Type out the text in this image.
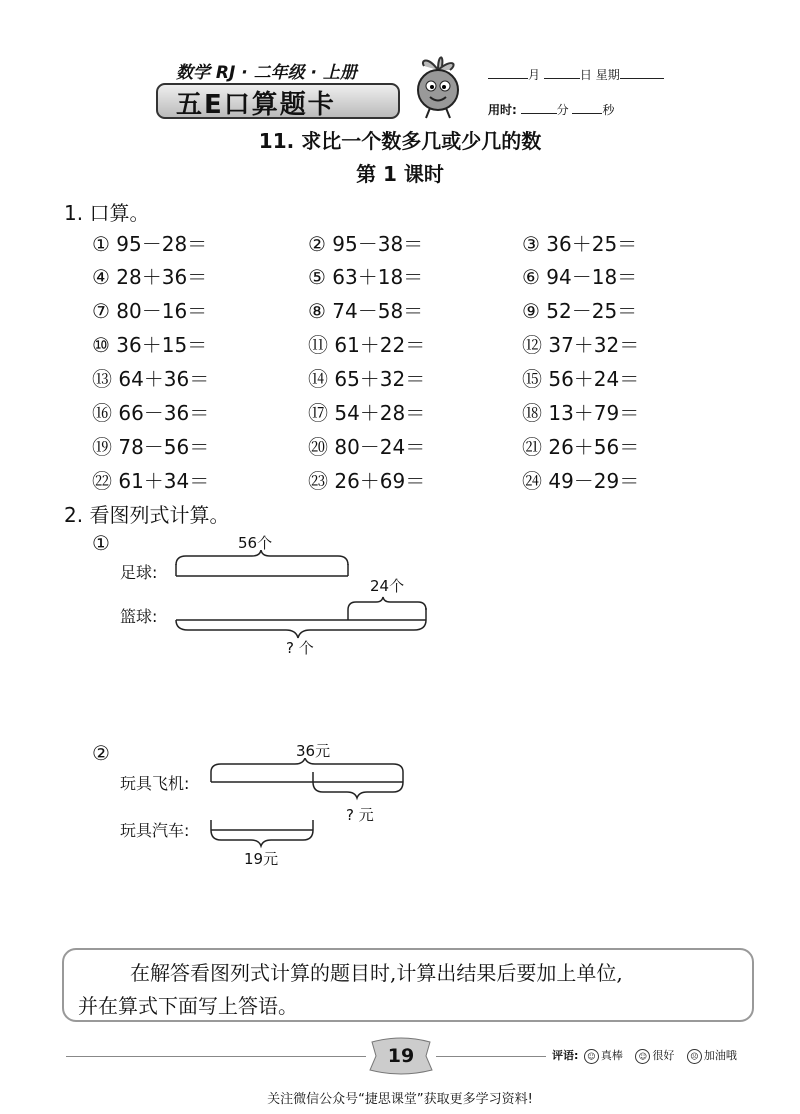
数学 RJ · 二年级 · 上册
五E口算题卡
月	日 星期
用时:	分	秒
11. 求比一个数多几或少几的数
第 1 课时
1. 口算。
① 95－28＝	② 95－38＝	③ 36＋25＝
④ 28＋36＝	⑤ 63＋18＝	⑥ 94－18＝
⑦ 80－16＝	⑧ 74－58＝	⑨ 52－25＝
⑩ 36＋15＝	⑪ 61＋22＝	⑫ 37＋32＝
⑬ 64＋36＝	⑭ 65＋32＝	⑮ 56＋24＝
⑯ 66－36＝	⑰ 54＋28＝	⑱ 13＋79＝
⑲ 78－56＝	⑳ 80－24＝	㉑ 26＋56＝
㉒ 61＋34＝	㉓ 26＋69＝	㉔ 49－29＝
2. 看图列式计算。
①
足球:
篮球:
56个
24个
? 个
②
玩具飞机:
玩具汽车:
36元
? 元
19元
在解答看图列式计算的题目时,计算出结果后要加上单位,
并在算式下面写上答语。
19	评语: ☺ 真棒 ☺ 很好 ☹ 加油哦
关注微信公众号“捷思课堂”获取更多学习资料!
